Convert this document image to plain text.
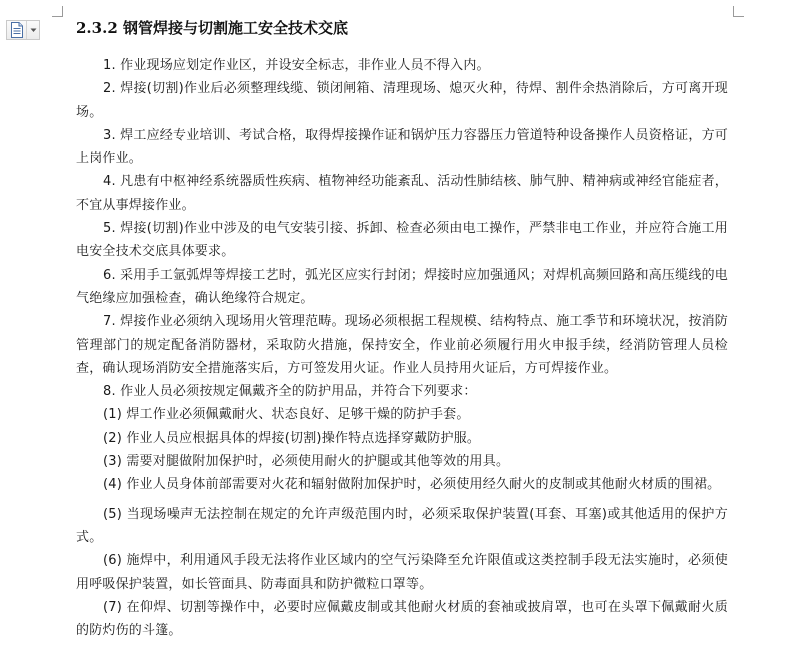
2.3.2 钢管焊接与切割施工安全技术交底

1. 作业现场应划定作业区，并设安全标志，非作业人员不得入内。

2. 焊接(切割)作业后必须整理线缆、锁闭闸箱、清理现场、熄灭火种，待焊、割件余热消除后，方可离开现场。

3. 焊工应经专业培训、考试合格，取得焊接操作证和锅炉压力容器压力管道特种设备操作人员资格证，方可上岗作业。

4. 凡患有中枢神经系统器质性疾病、植物神经功能紊乱、活动性肺结核、肺气肿、精神病或神经官能症者，不宜从事焊接作业。

5. 焊接(切割)作业中涉及的电气安装引接、拆卸、检查必须由电工操作，严禁非电工作业，并应符合施工用电安全技术交底具体要求。

6. 采用手工氩弧焊等焊接工艺时，弧光区应实行封闭；焊接时应加强通风；对焊机高频回路和高压缆线的电气绝缘应加强检查，确认绝缘符合规定。

7. 焊接作业必须纳入现场用火管理范畴。现场必须根据工程规模、结构特点、施工季节和环境状况，按消防管理部门的规定配备消防器材，采取防火措施，保持安全，作业前必须履行用火申报手续，经消防管理人员检查，确认现场消防安全措施落实后，方可签发用火证。作业人员持用火证后，方可焊接作业。

8. 作业人员必须按规定佩戴齐全的防护用品，并符合下列要求：

(1) 焊工作业必须佩戴耐火、状态良好、足够干燥的防护手套。

(2) 作业人员应根据具体的焊接(切割)操作特点选择穿戴防护服。

(3) 需要对腿做附加保护时，必须使用耐火的护腿或其他等效的用具。

(4) 作业人员身体前部需要对火花和辐射做附加保护时，必须使用经久耐火的皮制或其他耐火材质的围裙。

(5) 当现场噪声无法控制在规定的允许声级范围内时，必须采取保护装置(耳套、耳塞)或其他适用的保护方式。

(6) 施焊中，利用通风手段无法将作业区域内的空气污染降至允许限值或这类控制手段无法实施时，必须使用呼吸保护装置，如长管面具、防毒面具和防护微粒口罩等。

(7) 在仰焊、切割等操作中，必要时应佩戴皮制或其他耐火材质的套袖或披肩罩，也可在头罩下佩戴耐火质的防灼伤的斗篷。
